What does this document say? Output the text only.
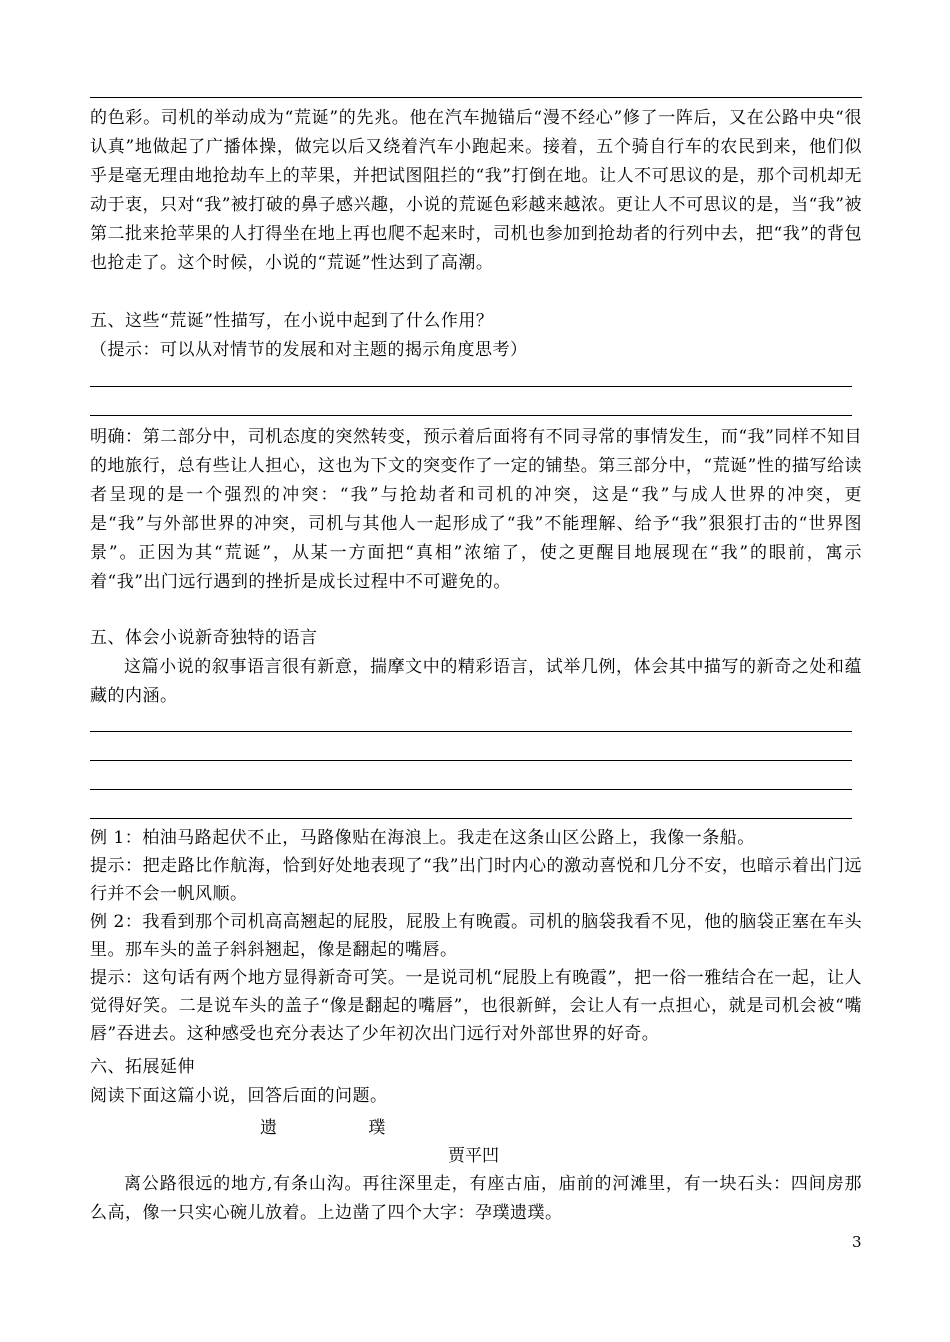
的色彩。司机的举动成为“荒诞”的先兆。他在汽车抛锚后“漫不经心”修了一阵后，又在公路中央“很认真”地做起了广播体操，做完以后又绕着汽车小跑起来。接着，五个骑自行车的农民到来，他们似乎是毫无理由地抢劫车上的苹果，并把试图阻拦的“我”打倒在地。让人不可思议的是，那个司机却无动于衷，只对“我”被打破的鼻子感兴趣，小说的荒诞色彩越来越浓。更让人不可思议的是，当“我”被第二批来抢苹果的人打得坐在地上再也爬不起来时，司机也参加到抢劫者的行列中去，把“我”的背包也抢走了。这个时候，小说的“荒诞”性达到了高潮。
五、这些“荒诞”性描写，在小说中起到了什么作用？
（提示：可以从对情节的发展和对主题的揭示角度思考）
明确：第二部分中，司机态度的突然转变，预示着后面将有不同寻常的事情发生，而“我”同样不知目的地旅行，总有些让人担心，这也为下文的突变作了一定的铺垫。第三部分中，“荒诞”性的描写给读者呈现的是一个强烈的冲突：“我”与抢劫者和司机的冲突，这是“我”与成人世界的冲突，更是“我”与外部世界的冲突，司机与其他人一起形成了“我”不能理解、给予“我”狠狠打击的“世界图景”。正因为其“荒诞”，从某一方面把“真相”浓缩了，使之更醒目地展现在“我”的眼前，寓示着“我”出门远行遇到的挫折是成长过程中不可避免的。
五、体会小说新奇独特的语言
这篇小说的叙事语言很有新意，揣摩文中的精彩语言，试举几例，体会其中描写的新奇之处和蕴藏的内涵。
例 1：柏油马路起伏不止，马路像贴在海浪上。我走在这条山区公路上，我像一条船。
提示：把走路比作航海，恰到好处地表现了“我”出门时内心的激动喜悦和几分不安，也暗示着出门远行并不会一帆风顺。
例 2：我看到那个司机高高翘起的屁股，屁股上有晚霞。司机的脑袋我看不见，他的脑袋正塞在车头里。那车头的盖子斜斜翘起，像是翻起的嘴唇。
提示：这句话有两个地方显得新奇可笑。一是说司机“屁股上有晚霞”，把一俗一雅结合在一起，让人觉得好笑。二是说车头的盖子“像是翻起的嘴唇”，也很新鲜，会让人有一点担心，就是司机会被“嘴唇”吞进去。这种感受也充分表达了少年初次出门远行对外部世界的好奇。
六、拓展延伸
阅读下面这篇小说，回答后面的问题。
遗	璞
贾平凹
离公路很远的地方,有条山沟。再往深里走，有座古庙，庙前的河滩里，有一块石头：四间房那么高，像一只实心碗儿放着。上边凿了四个大字：孕璞遗璞。
3
